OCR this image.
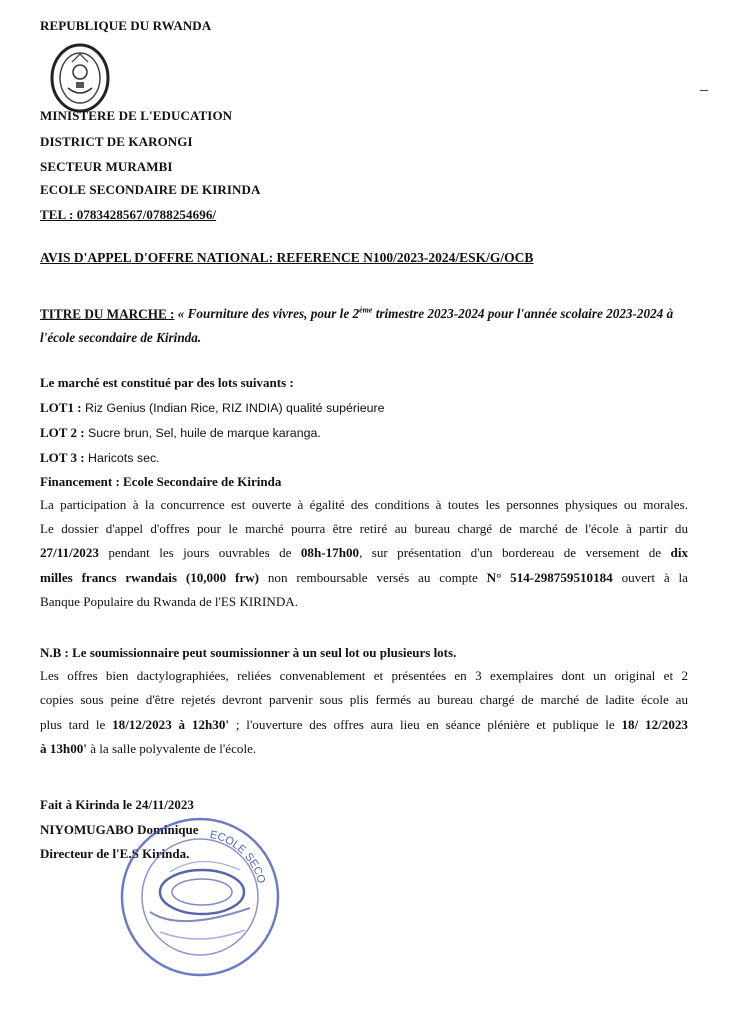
REPUBLIQUE DU RWANDA
MINISTERE DE L'EDUCATION
DISTRICT DE KARONGI
SECTEUR MURAMBI
ECOLE SECONDAIRE DE KIRINDA
TEL : 0783428567/0788254696/
AVIS D'APPEL D'OFFRE NATIONAL: REFERENCE N100/2023-2024/ESK/G/OCB
TITRE DU MARCHE : « Fourniture des vivres, pour le 2ème trimestre 2023-2024 pour l'année scolaire 2023-2024 à l'école secondaire de Kirinda.
Le marché est constitué par des lots suivants :
LOT1 : Riz Genius (Indian Rice, RIZ INDIA) qualité supérieure
LOT 2 : Sucre brun, Sel, huile de marque karanga.
LOT 3 : Haricots sec.
Financement : Ecole Secondaire de Kirinda
La participation à la concurrence est ouverte à égalité des conditions à toutes les personnes physiques ou morales.
Le dossier d'appel d'offres pour le marché pourra être retiré au bureau chargé de marché de l'école à partir du
27/11/2023 pendant les jours ouvrables de 08h-17h00, sur présentation d'un bordereau de versement de dix
milles francs rwandais (10,000 frw) non remboursable versés au compte N° 514-298759510184 ouvert à la
Banque Populaire du Rwanda de l'ES KIRINDA.
N.B : Le soumissionnaire peut soumissionner à un seul lot ou plusieurs lots.
Les offres bien dactylographiées, reliées convenablement et présentées en 3 exemplaires dont un original et 2
copies sous peine d'être rejetés devront parvenir sous plis fermés au bureau chargé de marché de ladite école au
plus tard le 18/12/2023 à 12h30' ; l'ouverture des offres aura lieu en séance plénière et publique le 18/ 12/2023
à 13h00' à la salle polyvalente de l'école.
Fait à Kirinda le 24/11/2023
NIYOMUGABO Dominique
Directeur de l'E.S Kirinda.
ECOLE SECO
